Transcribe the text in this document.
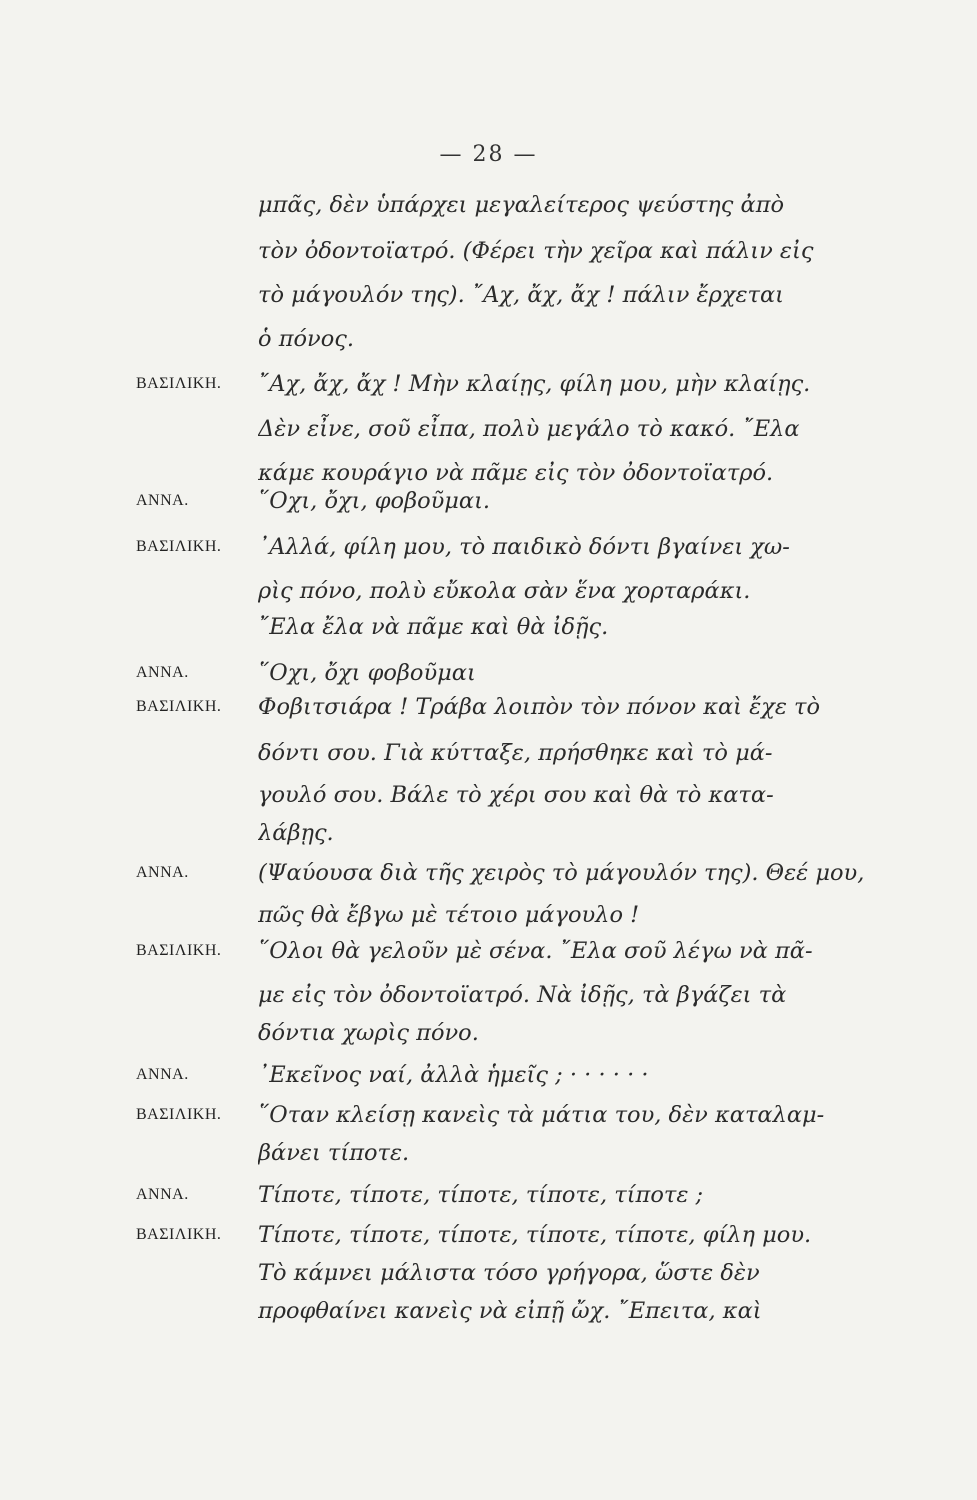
— 28 —
μπᾶς, δὲν ὑπάρχει μεγαλείτερος ψεύστης ἀπὸ
τὸν ὀδοντοϊατρό. (Φέρει τὴν χεῖρα καὶ πάλιν εἰς
τὸ μάγουλόν της). ῎Αχ, ἄχ, ἄχ ! πάλιν ἔρχεται
ὁ πόνος.
ΒΑΣΙΛΙΚΗ.	῎Αχ, ἄχ, ἄχ ! Μὴν κλαίῃς, φίλη μου, μὴν κλαίῃς.
Δὲν εἶνε, σοῦ εἶπα, πολὺ μεγάλο τὸ κακό. ῎Ελα
κάμε κουράγιο νὰ πᾶμε εἰς τὸν ὀδοντοϊατρό.
ΑΝΝΑ.	῞Οχι, ὄχι, φοβοῦμαι.
ΒΑΣΙΛΙΚΗ.	᾿Αλλά, φίλη μου, τὸ παιδικὸ δόντι βγαίνει χω-
ρὶς πόνο, πολὺ εὔκολα σὰν ἕνα χορταράκι.
῎Ελα ἔλα νὰ πᾶμε καὶ θὰ ἰδῇς.
ΑΝΝΑ.	῞Οχι, ὄχι φοβοῦμαι
ΒΑΣΙΛΙΚΗ.	Φοβιτσιάρα ! Τράβα λοιπὸν τὸν πόνον καὶ ἔχε τὸ
δόντι σου. Γιὰ κύτταξε, πρήσθηκε καὶ τὸ μά-
γουλό σου. Βάλε τὸ χέρι σου καὶ θὰ τὸ κατα-
λάβῃς.
ΑΝΝΑ.	(Ψαύουσα διὰ τῆς χειρὸς τὸ μάγουλόν της). Θεέ μου,
πῶς θὰ ἔβγω μὲ τέτοιο μάγουλο !
ΒΑΣΙΛΙΚΗ.	῞Ολοι θὰ γελοῦν μὲ σένα. ῎Ελα σοῦ λέγω νὰ πᾶ-
με εἰς τὸν ὀδοντοϊατρό. Νὰ ἰδῇς, τὰ βγάζει τὰ
δόντια χωρὶς πόνο.
ΑΝΝΑ.	᾿Εκεῖνος ναί, ἀλλὰ ἡμεῖς ; · · · · · ·
ΒΑΣΙΛΙΚΗ.	῞Οταν κλείσῃ κανεὶς τὰ μάτια του, δὲν καταλαμ-
βάνει τίποτε.
ΑΝΝΑ.	Τίποτε, τίποτε, τίποτε, τίποτε, τίποτε ;
ΒΑΣΙΛΙΚΗ.	Τίποτε, τίποτε, τίποτε, τίποτε, τίποτε, φίλη μου.
Τὸ κάμνει μάλιστα τόσο γρήγορα, ὥστε δὲν
προφθαίνει κανεὶς νὰ εἰπῇ ὤχ. ῎Επειτα, καὶ
